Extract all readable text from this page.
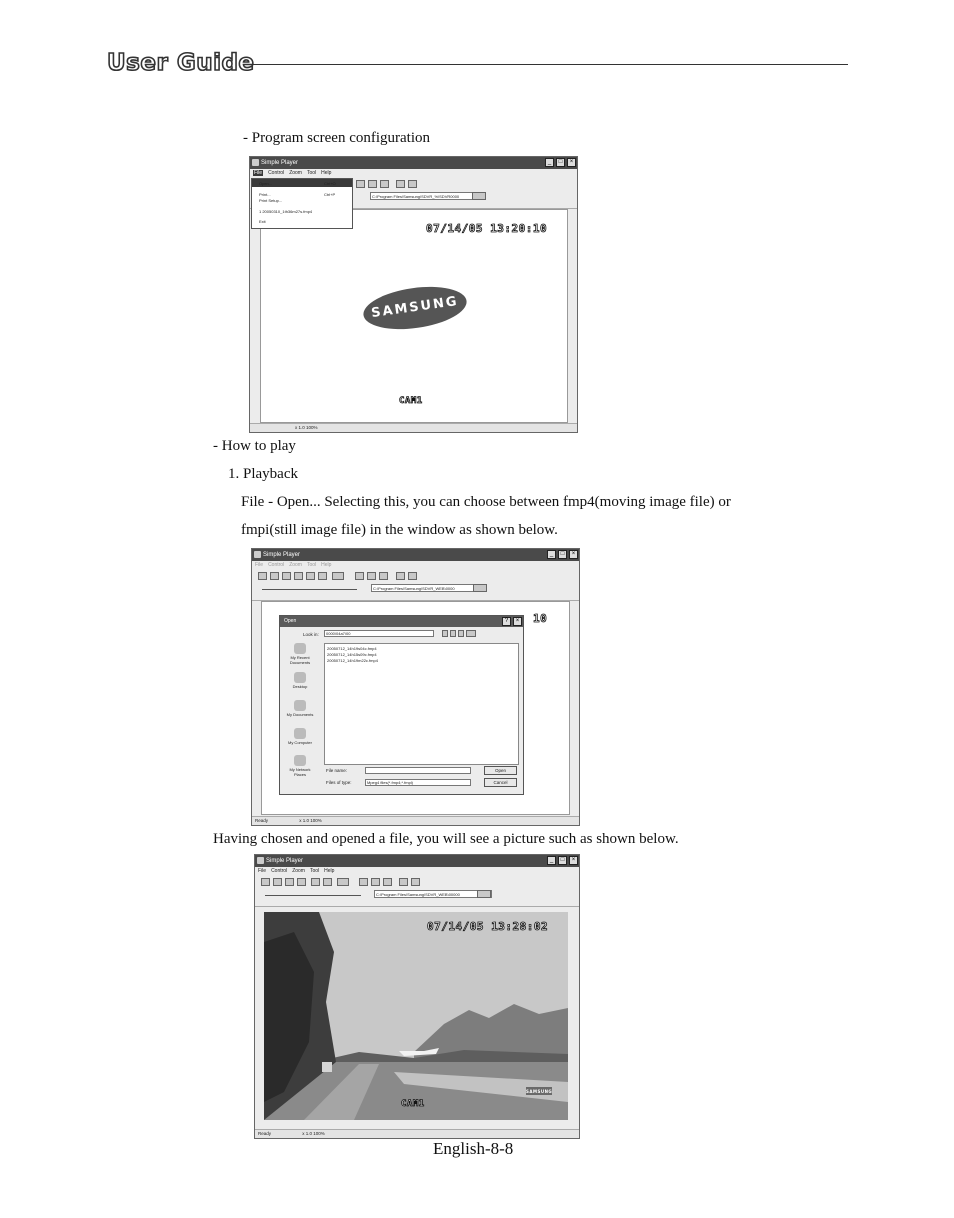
User Guide
- Program screen configuration
Simple Player	_	□	×
File Control Zoom Tool Help
C:\Program Files\Samsung\SDVR_%\SDVR0000
07/14/05 13:20:10
SAMSUNG
CAM1
x 1.0 100%
Open...	Ctrl+O
Print...	Ctrl+P
Print Setup...
1 20050310_1th36m27s.fmp4
Exit
- How to play
1. Playback
File - Open... Selecting this, you can choose between fmp4(moving image file) or
fmpi(still image file) in the window as shown below.
Simple Player	_	□	×
File Control Zoom Tool Help
C:\Program Files\Samsung\SDVR_WEB\0000
10
Ready	x 1.0 100%
Open	?	×
Look in:	0000\04a7\00
My Recent Documents
Desktop
My Documents
My Computer
My Network Places
20050712_14h19s04c.fmp4
20050712_14h15s09c.fmp4
20050712_14h19m22c.fmp4
File name:
Files of type:	Mpeg4 files(*.fmp4;*.fmpi)
Open
Cancel
Having chosen and opened a file, you will see a picture such as shown below.
Simple Player	_	□	×
File Control Zoom Tool Help
C:\Program Files\Samsung\SDVR_WEB\00000
07/14/05 13:28:02
CAM1
SAMSUNG
Ready	x 1.0 100%
English-8-8
